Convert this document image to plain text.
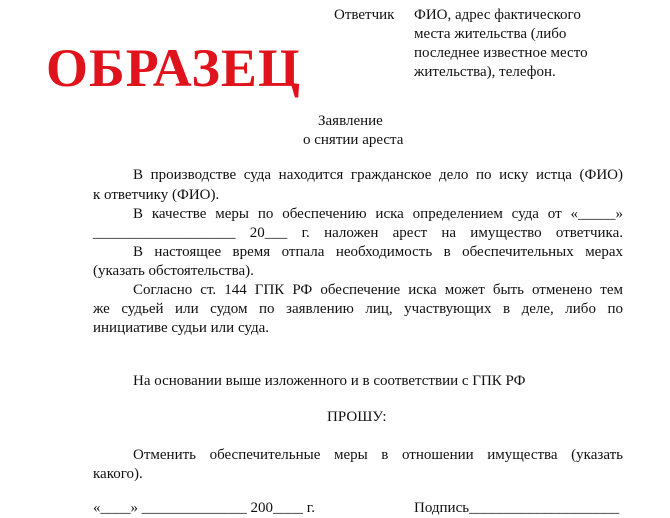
ОБРАЗЕЦ
Ответчик ФИО, адрес фактического
места жительства (либо
последнее известное место
жительства), телефон.
Заявление
о снятии ареста
В производстве суда находится гражданское дело по иску истца (ФИО)
к ответчику (ФИО).
В качестве меры по обеспечению иска определением суда от «_____»
___________________ 20___ г. наложен арест на имущество ответчика.
В настоящее время отпала необходимость в обеспечительных мерах
(указать обстоятельства).
Согласно ст. 144 ГПК РФ обеспечение иска может быть отменено тем
же судьей или судом по заявлению лиц, участвующих в деле, либо по
инициативе судьи или суда.
На основании выше изложенного и в соответствии с ГПК РФ
ПРОШУ:
Отменить обеспечительные меры в отношении имущества (указать
какого).
«____» ______________ 200____ г.	Подпись____________________
